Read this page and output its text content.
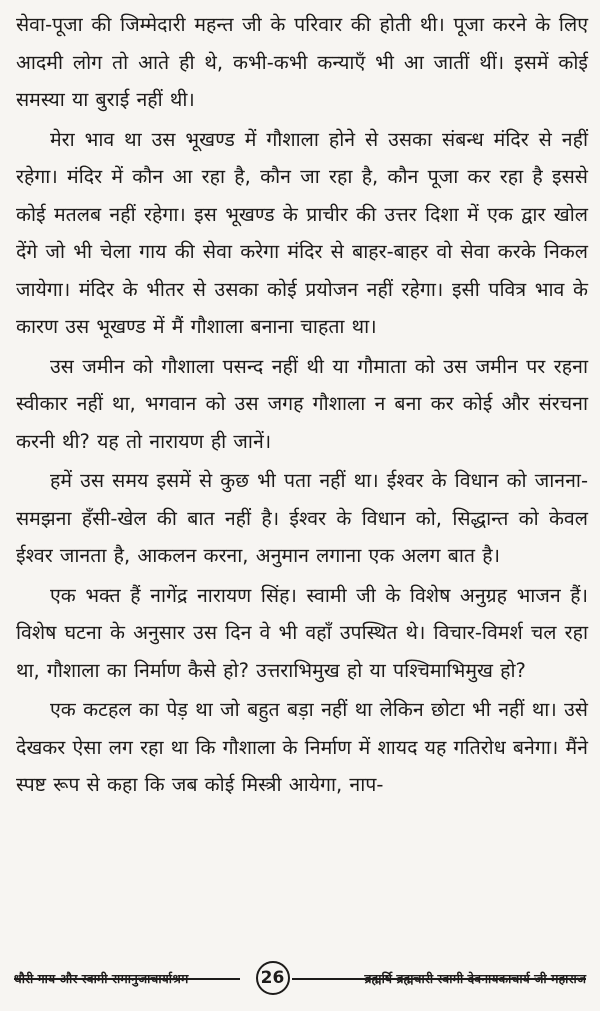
सेवा-पूजा की जिम्मेदारी महन्त जी के परिवार की होती थी। पूजा करने के लिए आदमी लोग तो आते ही थे, कभी-कभी कन्याएँ भी आ जातीं थीं। इसमें कोई समस्या या बुराई नहीं थी।

मेरा भाव था उस भूखण्ड में गौशाला होने से उसका संबन्ध मंदिर से नहीं रहेगा। मंदिर में कौन आ रहा है, कौन जा रहा है, कौन पूजा कर रहा है इससे कोई मतलब नहीं रहेगा। इस भूखण्ड के प्राचीर की उत्तर दिशा में एक द्वार खोल देंगे जो भी चेला गाय की सेवा करेगा मंदिर से बाहर-बाहर वो सेवा करके निकल जायेगा। मंदिर के भीतर से उसका कोई प्रयोजन नहीं रहेगा। इसी पवित्र भाव के कारण उस भूखण्ड में मैं गौशाला बनाना चाहता था।

उस जमीन को गौशाला पसन्द नहीं थी या गौमाता को उस जमीन पर रहना स्वीकार नहीं था, भगवान को उस जगह गौशाला न बना कर कोई और संरचना करनी थी? यह तो नारायण ही जानें।

हमें उस समय इसमें से कुछ भी पता नहीं था। ईश्वर के विधान को जानना-समझना हँसी-खेल की बात नहीं है। ईश्वर के विधान को, सिद्धान्त को केवल ईश्वर जानता है, आकलन करना, अनुमान लगाना एक अलग बात है।

एक भक्त हैं नागेंद्र नारायण सिंह। स्वामी जी के विशेष अनुग्रह भाजन हैं। विशेष घटना के अनुसार उस दिन वे भी वहाँ उपस्थित थे। विचार-विमर्श चल रहा था, गौशाला का निर्माण कैसे हो? उत्तराभिमुख हो या पश्चिमाभिमुख हो?

एक कटहल का पेड़ था जो बहुत बड़ा नहीं था लेकिन छोटा भी नहीं था। उसे देखकर ऐसा लग रहा था कि गौशाला के निर्माण में शायद यह गतिरोध बनेगा। मैंने स्पष्ट रूप से कहा कि जब कोई मिस्त्री आयेगा, नाप-

धौरी गाय और स्वामी रामानुजाचार्याश्रम	26	ब्रह्मर्षि ब्रह्मचारी स्वामी देवनायकाचार्य जी महाराज
